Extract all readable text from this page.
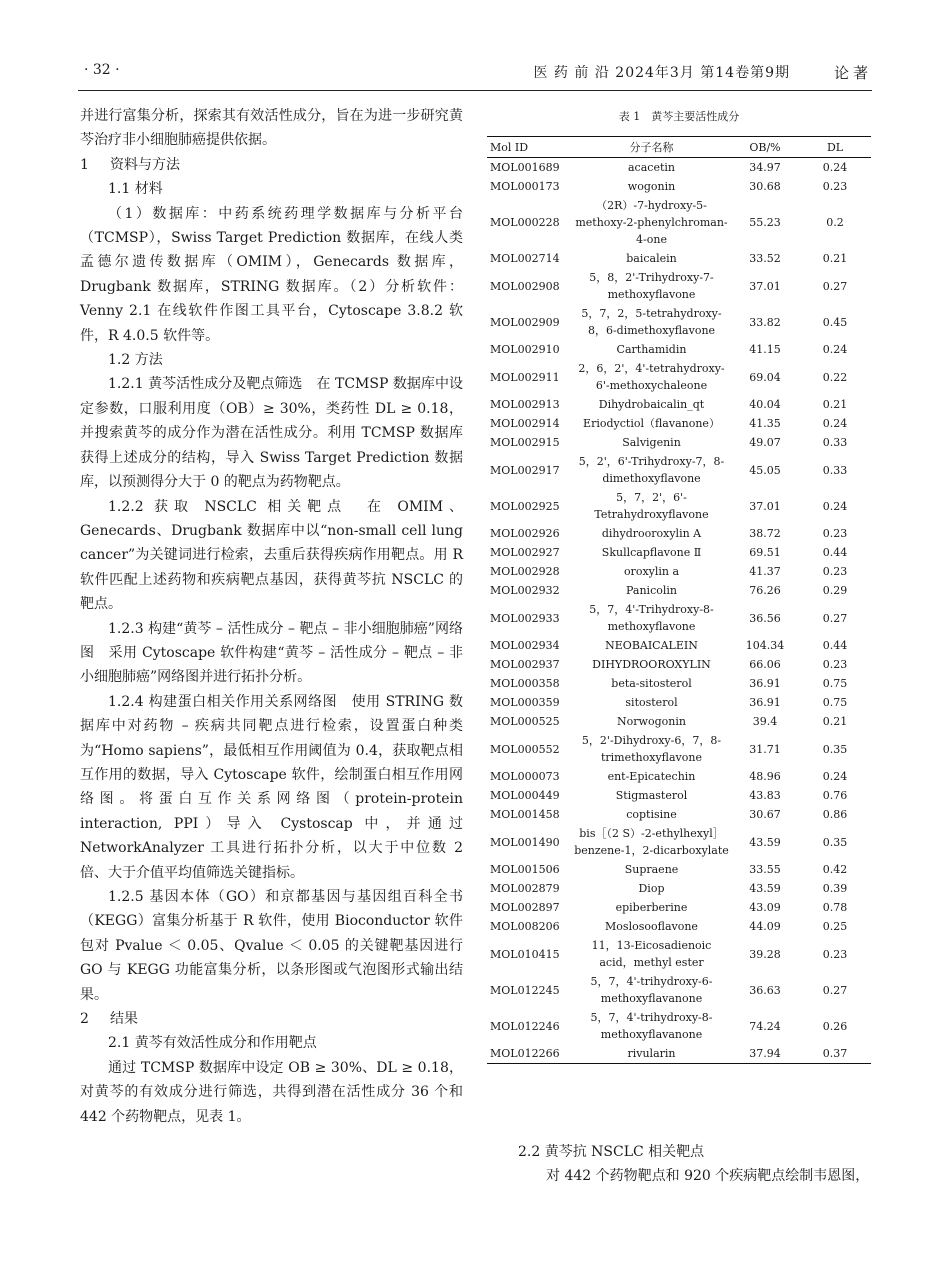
· 32 ·	医 药 前 沿 2024年3月 第14卷第9期	论著

并进行富集分析，探索其有效活性成分，旨在为进一步研究黄芩治疗非小细胞肺癌提供依据。

1 资料与方法

1.1 材料

（1）数据库：中药系统药理学数据库与分析平台（TCMSP），Swiss Target Prediction 数据库，在线人类孟德尔遗传数据库（OMIM），Genecards 数据库，Drugbank 数据库，STRING 数据库。（2）分析软件：Venny 2.1 在线软件作图工具平台，Cytoscape 3.8.2 软件，R 4.0.5 软件等。

1.2 方法

1.2.1 黄芩活性成分及靶点筛选　在 TCMSP 数据库中设定参数，口服利用度（OB）≥ 30%，类药性 DL ≥ 0.18，并搜索黄芩的成分作为潜在活性成分。利用 TCMSP 数据库获得上述成分的结构，导入 Swiss Target Prediction 数据库，以预测得分大于 0 的靶点为药物靶点。

1.2.2 获取 NSCLC 相关靶点　在 OMIM、Genecards、Drugbank 数据库中以“non-small cell lung cancer”为关键词进行检索，去重后获得疾病作用靶点。用 R 软件匹配上述药物和疾病靶点基因，获得黄芩抗 NSCLC 的靶点。

1.2.3 构建“黄芩 – 活性成分 – 靶点 – 非小细胞肺癌”网络图　采用 Cytoscape 软件构建“黄芩 – 活性成分 – 靶点 – 非小细胞肺癌”网络图并进行拓扑分析。

1.2.4 构建蛋白相关作用关系网络图　使用 STRING 数据库中对药物 – 疾病共同靶点进行检索，设置蛋白种类为“Homo sapiens”，最低相互作用阈值为 0.4，获取靶点相互作用的数据，导入 Cytoscape 软件，绘制蛋白相互作用网络图。将蛋白互作关系网络图（protein-protein interaction, PPI）导入 Cystoscap 中，并通过 NetworkAnalyzer 工具进行拓扑分析，以大于中位数 2 倍、大于介值平均值筛选关键指标。

1.2.5 基因本体（GO）和京都基因与基因组百科全书（KEGG）富集分析基于 R 软件，使用 Bioconductor 软件包对 Pvalue ＜ 0.05、Qvalue ＜ 0.05 的关键靶基因进行 GO 与 KEGG 功能富集分析，以条形图或气泡图形式输出结果。

2 结果

2.1 黄芩有效活性成分和作用靶点

通过 TCMSP 数据库中设定 OB ≥ 30%、DL ≥ 0.18，对黄芩的有效成分进行筛选，共得到潜在活性成分 36 个和 442 个药物靶点，见表 1。

表 1　黄芩主要活性成分
Mol ID	分子名称	OB/%	DL
MOL001689	acacetin	34.97	0.24
MOL000173	wogonin	30.68	0.23
MOL000228	（2R）-7-hydroxy-5-methoxy-2-phenylchroman-4-one	55.23	0.2
MOL002714	baicalein	33.52	0.21
MOL002908	5，8，2'-Trihydroxy-7-methoxyflavone	37.01	0.27
MOL002909	5，7，2，5-tetrahydroxy-8，6-dimethoxyflavone	33.82	0.45
MOL002910	Carthamidin	41.15	0.24
MOL002911	2，6，2'，4'-tetrahydroxy-6'-methoxychaleone	69.04	0.22
MOL002913	Dihydrobaicalin_qt	40.04	0.21
MOL002914	Eriodyctiol（flavanone）	41.35	0.24
MOL002915	Salvigenin	49.07	0.33
MOL002917	5，2'，6'-Trihydroxy-7，8-dimethoxyflavone	45.05	0.33
MOL002925	5，7，2'，6'-Tetrahydroxyflavone	37.01	0.24
MOL002926	dihydrooroxylin A	38.72	0.23
MOL002927	Skullcapflavone Ⅱ	69.51	0.44
MOL002928	oroxylin a	41.37	0.23
MOL002932	Panicolin	76.26	0.29
MOL002933	5，7，4'-Trihydroxy-8-methoxyflavone	36.56	0.27
MOL002934	NEOBAICALEIN	104.34	0.44
MOL002937	DIHYDROOROXYLIN	66.06	0.23
MOL000358	beta-sitosterol	36.91	0.75
MOL000359	sitosterol	36.91	0.75
MOL000525	Norwogonin	39.4	0.21
MOL000552	5，2'-Dihydroxy-6，7，8-trimethoxyflavone	31.71	0.35
MOL000073	ent-Epicatechin	48.96	0.24
MOL000449	Stigmasterol	43.83	0.76
MOL001458	coptisine	30.67	0.86
MOL001490	bis［（2 S）-2-ethylhexyl］benzene-1，2-dicarboxylate	43.59	0.35
MOL001506	Supraene	33.55	0.42
MOL002879	Diop	43.59	0.39
MOL002897	epiberberine	43.09	0.78
MOL008206	Moslosooflavone	44.09	0.25
MOL010415	11，13-Eicosadienoic acid，methyl ester	39.28	0.23
MOL012245	5，7，4'-trihydroxy-6-methoxyflavanone	36.63	0.27
MOL012246	5，7，4'-trihydroxy-8-methoxyflavanone	74.24	0.26
MOL012266	rivularin	37.94	0.37

2.2 黄芩抗 NSCLC 相关靶点

对 442 个药物靶点和 920 个疾病靶点绘制韦恩图，
